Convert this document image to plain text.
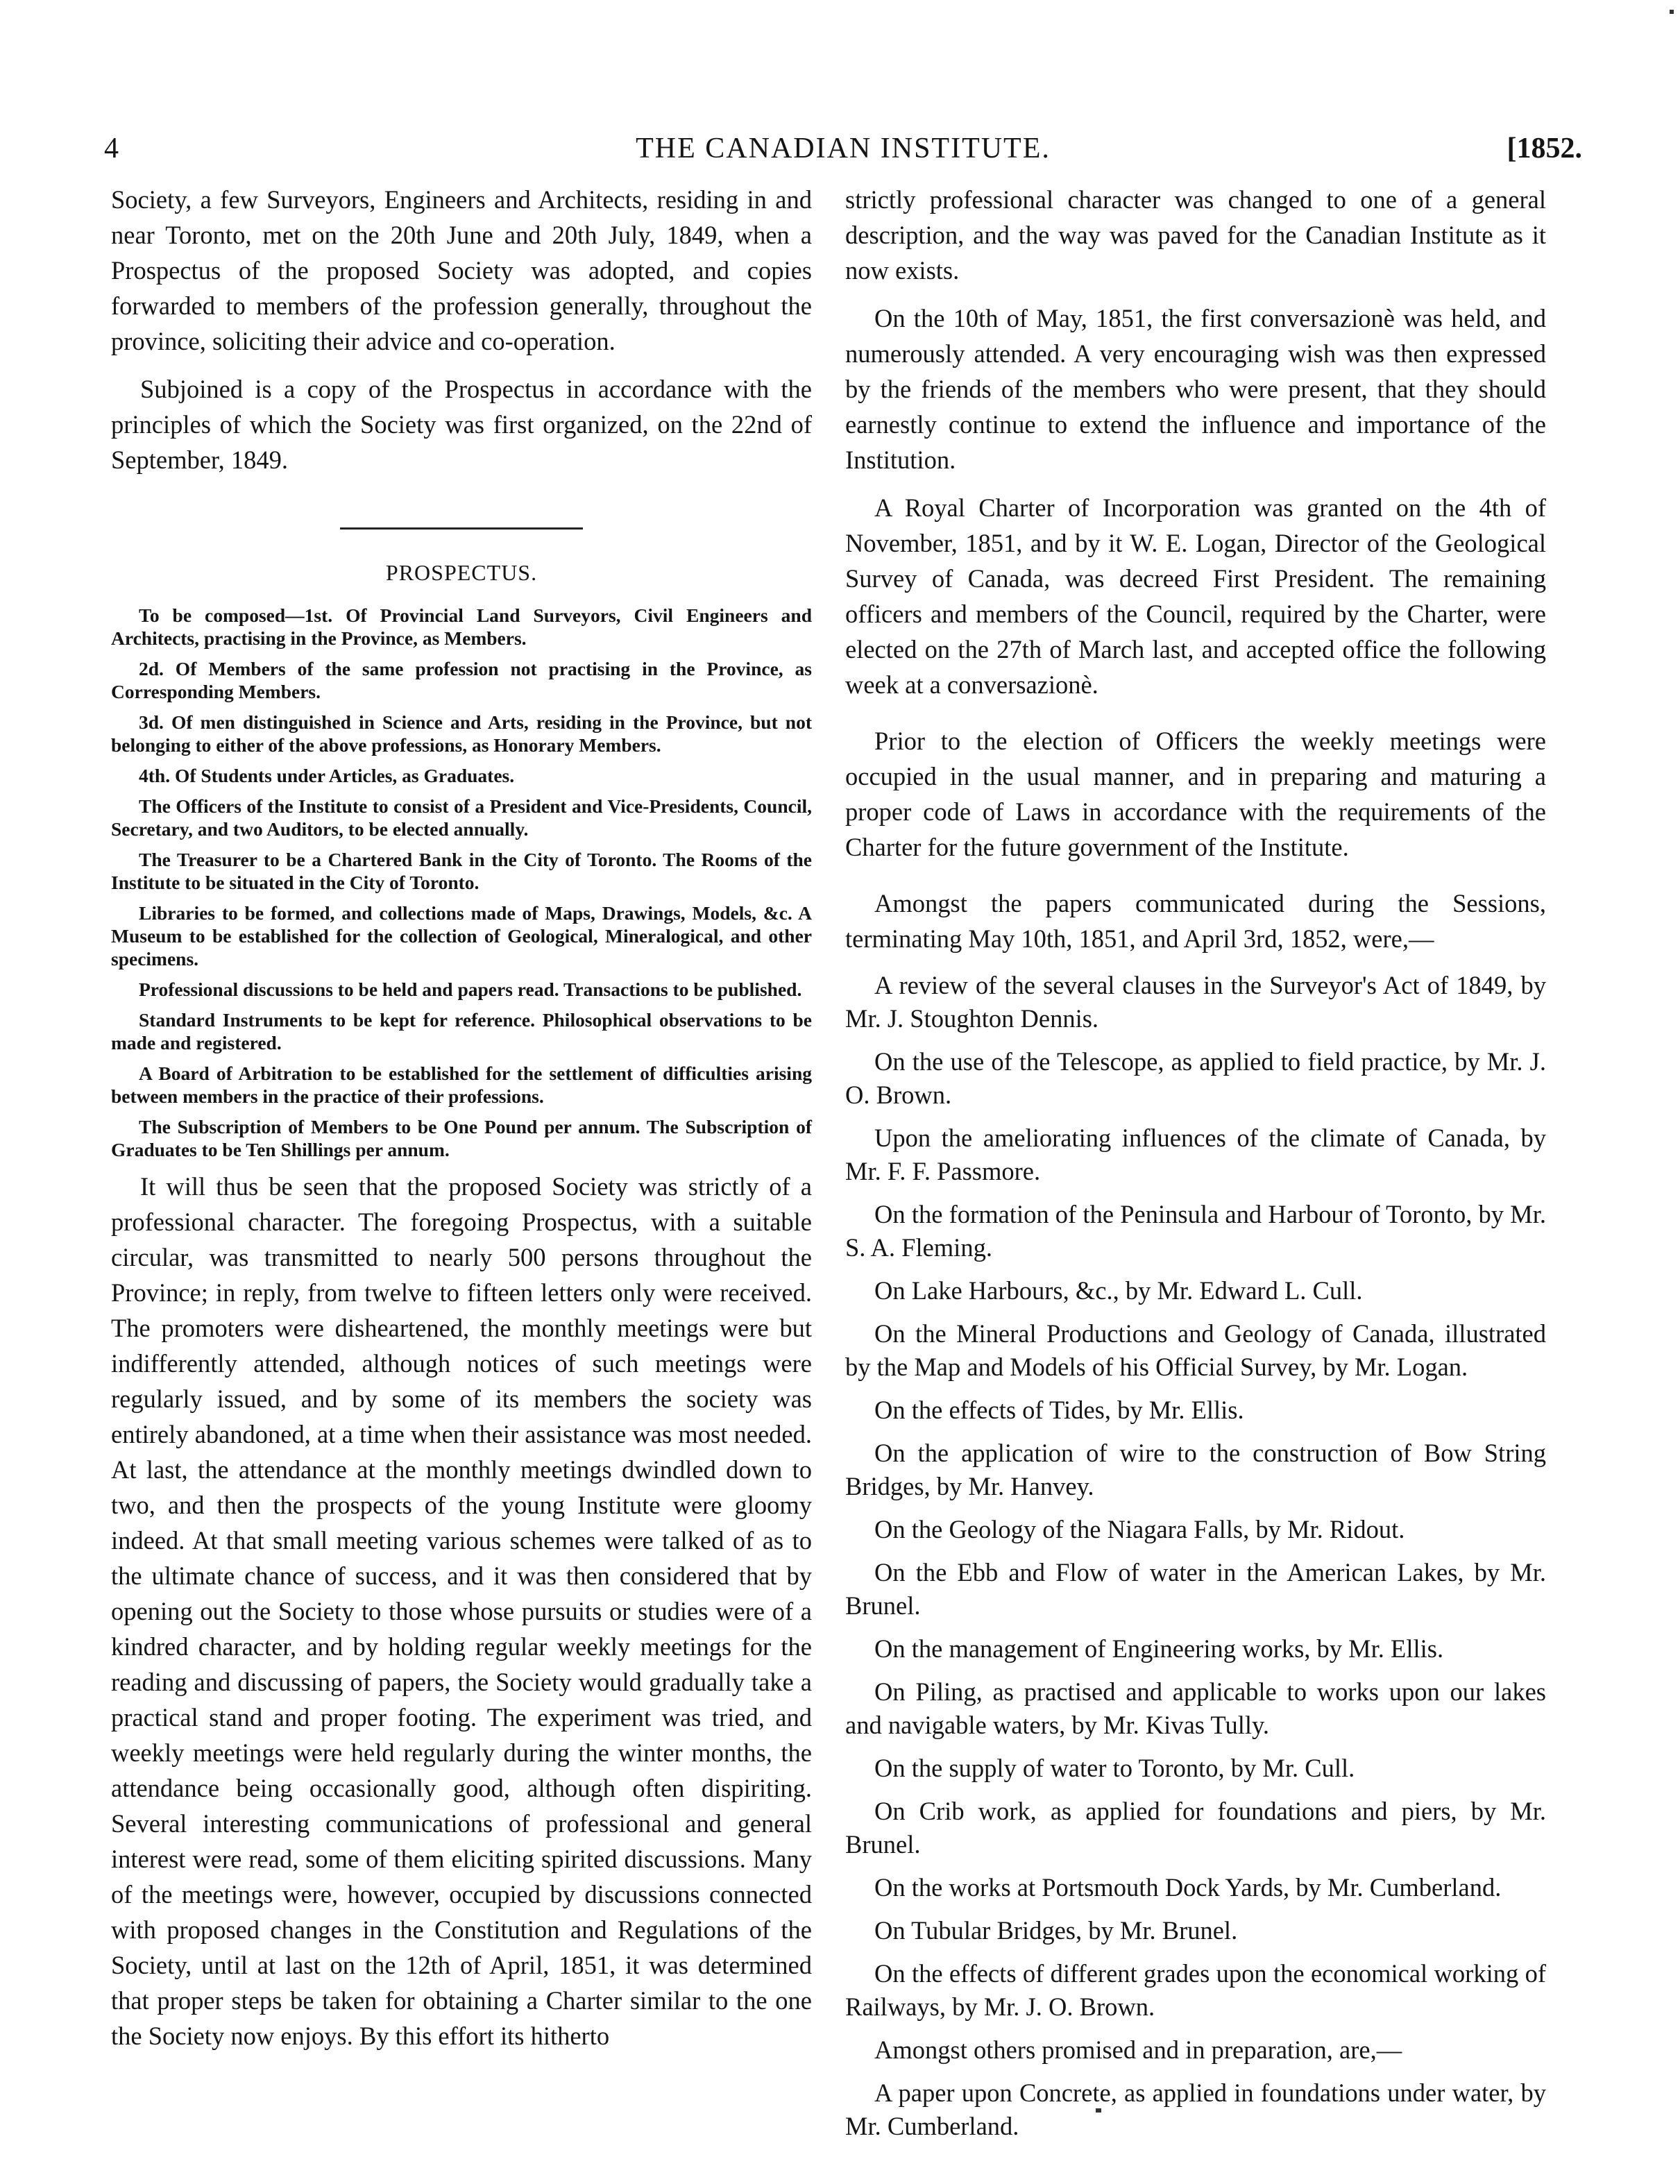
4	THE CANADIAN INSTITUTE.	[1852.

Society, a few Surveyors, Engineers and Architects, residing in and near Toronto, met on the 20th June and 20th July, 1849, when a Prospectus of the proposed Society was adopted, and copies forwarded to members of the profession generally, throughout the province, soliciting their advice and co-operation.

Subjoined is a copy of the Prospectus in accordance with the principles of which the Society was first organized, on the 22nd of September, 1849.

PROSPECTUS.

To be composed—1st. Of Provincial Land Surveyors, Civil Engineers and Architects, practising in the Province, as Members.

2d. Of Members of the same profession not practising in the Province, as Corresponding Members.

3d. Of men distinguished in Science and Arts, residing in the Province, but not belonging to either of the above professions, as Honorary Members.

4th. Of Students under Articles, as Graduates.

The Officers of the Institute to consist of a President and Vice-Presidents, Council, Secretary, and two Auditors, to be elected annually.

The Treasurer to be a Chartered Bank in the City of Toronto. The Rooms of the Institute to be situated in the City of Toronto.

Libraries to be formed, and collections made of Maps, Drawings, Models, &c. A Museum to be established for the collection of Geological, Mineralogical, and other specimens.

Professional discussions to be held and papers read. Transactions to be published.

Standard Instruments to be kept for reference. Philosophical observations to be made and registered.

A Board of Arbitration to be established for the settlement of difficulties arising between members in the practice of their professions.

The Subscription of Members to be One Pound per annum. The Subscription of Graduates to be Ten Shillings per annum.

It will thus be seen that the proposed Society was strictly of a professional character. The foregoing Prospectus, with a suitable circular, was transmitted to nearly 500 persons throughout the Province; in reply, from twelve to fifteen letters only were received. The promoters were disheartened, the monthly meetings were but indifferently attended, although notices of such meetings were regularly issued, and by some of its members the society was entirely abandoned, at a time when their assistance was most needed. At last, the attendance at the monthly meetings dwindled down to two, and then the prospects of the young Institute were gloomy indeed. At that small meeting various schemes were talked of as to the ultimate chance of success, and it was then considered that by opening out the Society to those whose pursuits or studies were of a kindred character, and by holding regular weekly meetings for the reading and discussing of papers, the Society would gradually take a practical stand and proper footing. The experiment was tried, and weekly meetings were held regularly during the winter months, the attendance being occasionally good, although often dispiriting. Several interesting communications of professional and general interest were read, some of them eliciting spirited discussions. Many of the meetings were, however, occupied by discussions connected with proposed changes in the Constitution and Regulations of the Society, until at last on the 12th of April, 1851, it was determined that proper steps be taken for obtaining a Charter similar to the one the Society now enjoys. By this effort its hitherto

strictly professional character was changed to one of a general description, and the way was paved for the Canadian Institute as it now exists.

On the 10th of May, 1851, the first conversazionè was held, and numerously attended. A very encouraging wish was then expressed by the friends of the members who were present, that they should earnestly continue to extend the influence and importance of the Institution.

A Royal Charter of Incorporation was granted on the 4th of November, 1851, and by it W. E. Logan, Director of the Geological Survey of Canada, was decreed First President. The remaining officers and members of the Council, required by the Charter, were elected on the 27th of March last, and accepted office the following week at a conversazionè.

Prior to the election of Officers the weekly meetings were occupied in the usual manner, and in preparing and maturing a proper code of Laws in accordance with the requirements of the Charter for the future government of the Institute.

Amongst the papers communicated during the Sessions, terminating May 10th, 1851, and April 3rd, 1852, were,—

A review of the several clauses in the Surveyor's Act of 1849, by Mr. J. Stoughton Dennis.

On the use of the Telescope, as applied to field practice, by Mr. J. O. Brown.

Upon the ameliorating influences of the climate of Canada, by Mr. F. F. Passmore.

On the formation of the Peninsula and Harbour of Toronto, by Mr. S. A. Fleming.

On Lake Harbours, &c., by Mr. Edward L. Cull.

On the Mineral Productions and Geology of Canada, illustrated by the Map and Models of his Official Survey, by Mr. Logan.

On the effects of Tides, by Mr. Ellis.

On the application of wire to the construction of Bow String Bridges, by Mr. Hanvey.

On the Geology of the Niagara Falls, by Mr. Ridout.

On the Ebb and Flow of water in the American Lakes, by Mr. Brunel.

On the management of Engineering works, by Mr. Ellis.

On Piling, as practised and applicable to works upon our lakes and navigable waters, by Mr. Kivas Tully.

On the supply of water to Toronto, by Mr. Cull.

On Crib work, as applied for foundations and piers, by Mr. Brunel.

On the works at Portsmouth Dock Yards, by Mr. Cumberland.

On Tubular Bridges, by Mr. Brunel.

On the effects of different grades upon the economical working of Railways, by Mr. J. O. Brown.

Amongst others promised and in preparation, are,—

A paper upon Concrete, as applied in foundations under water, by Mr. Cumberland.
